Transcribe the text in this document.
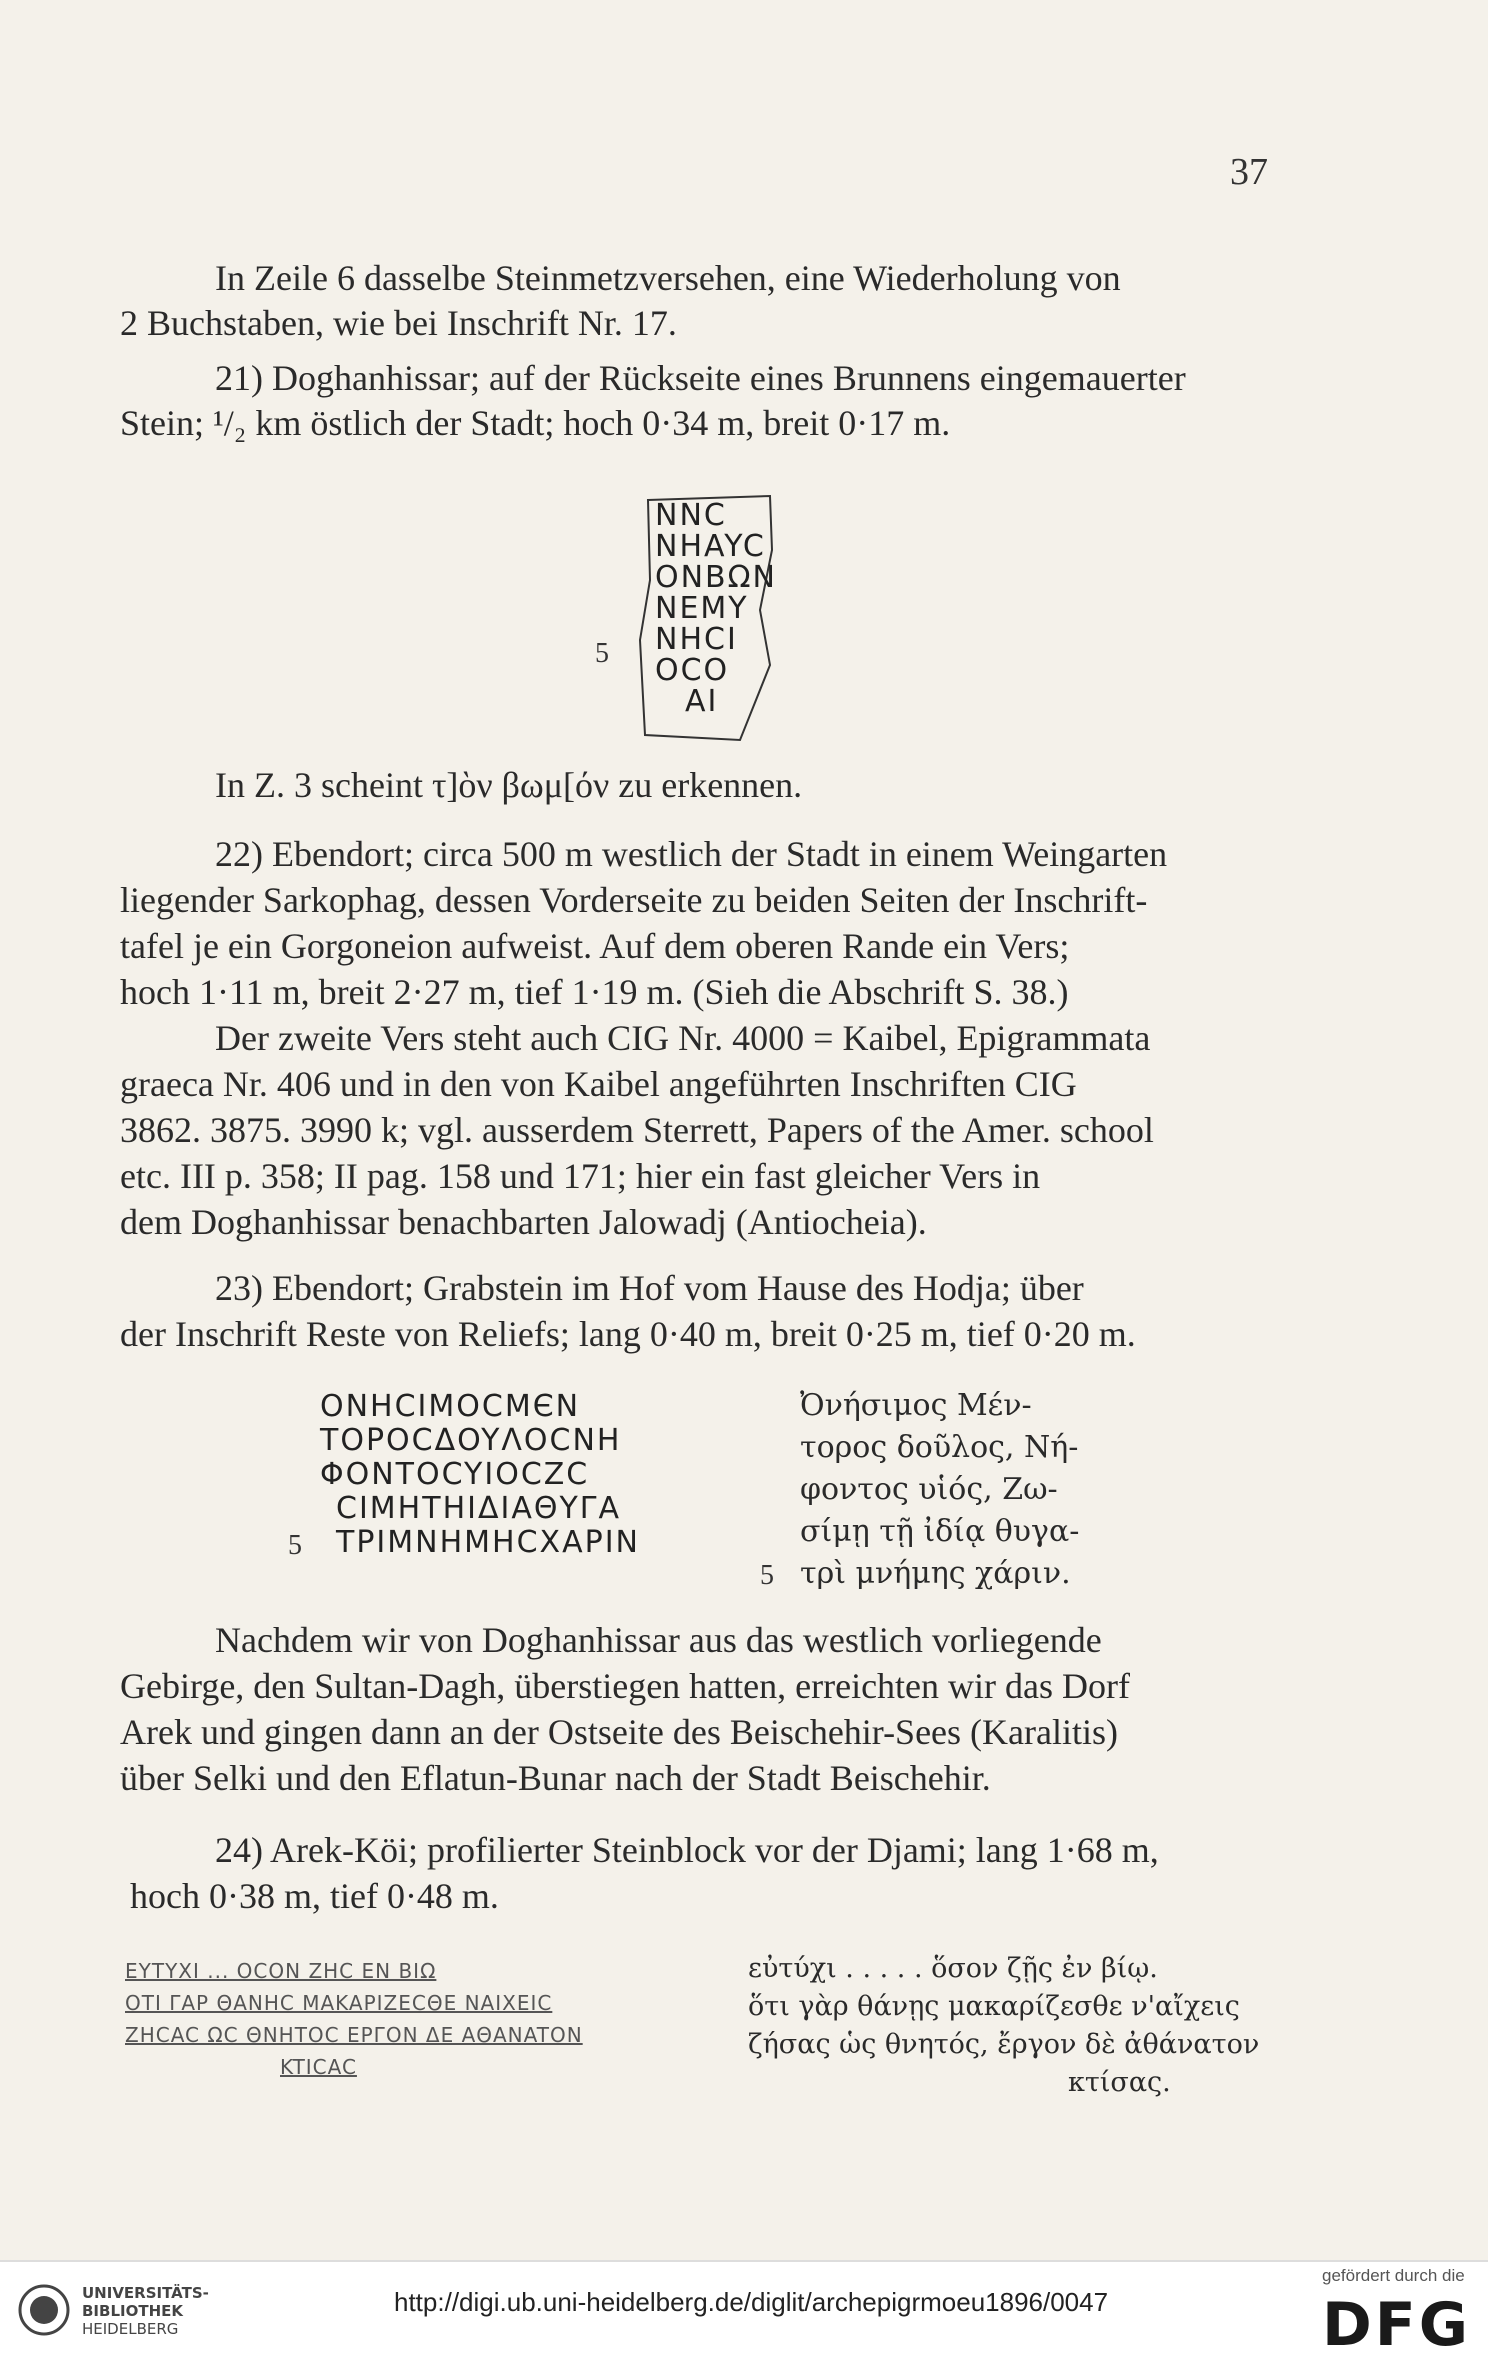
37
In Zeile 6 dasselbe Steinmetzversehen, eine Wiederholung von
2 Buchstaben, wie bei Inschrift Nr. 17.
21) Doghanhissar; auf der Rückseite eines Brunnens eingemauerter
Stein; ¹/₂ km östlich der Stadt; hoch 0·34 m, breit 0·17 m.
NNC
NHAYC
ONBΩN
NEMY
NHCI
OCO
AI
5
In Z. 3 scheint τ]ὸν βωμ[όν zu erkennen.
22) Ebendort; circa 500 m westlich der Stadt in einem Weingarten
liegender Sarkophag, dessen Vorderseite zu beiden Seiten der Inschrift-
tafel je ein Gorgoneion aufweist. Auf dem oberen Rande ein Vers;
hoch 1·11 m, breit 2·27 m, tief 1·19 m. (Sieh die Abschrift S. 38.)
Der zweite Vers steht auch CIG Nr. 4000 = Kaibel, Epigrammata
graeca Nr. 406 und in den von Kaibel angeführten Inschriften CIG
3862. 3875. 3990 k; vgl. ausserdem Sterrett, Papers of the Amer. school
etc. III p. 358; II pag. 158 und 171; hier ein fast gleicher Vers in
dem Doghanhissar benachbarten Jalowadj (Antiocheia).
23) Ebendort; Grabstein im Hof vom Hause des Hodja; über
der Inschrift Reste von Reliefs; lang 0·40 m, breit 0·25 m, tief 0·20 m.
ONHCIMOCMЄN
TOPOCΔOYΛOCNH
ΦONTOCYIOCZC
CIMHTHIΔIAΘYΓA
TPIMNHMHCXAPIN
5
Ὀνήσιμος Μέν-
τορος δοῦλος, Νή-
φοντος υἱός, Ζω-
σίμῃ τῇ ἰδίᾳ θυγα-
τρὶ μνήμης χάριν.
5
Nachdem wir von Doghanhissar aus das westlich vorliegende
Gebirge, den Sultan-Dagh, überstiegen hatten, erreichten wir das Dorf
Arek und gingen dann an der Ostseite des Beischehir-Sees (Karalitis)
über Selki und den Eflatun-Bunar nach der Stadt Beischehir.
24) Arek-Köi; profilierter Steinblock vor der Djami; lang 1·68 m,
hoch 0·38 m, tief 0·48 m.
EYTYXI ... OCON ZHC EN BIΩ
OTI ΓAP ΘANHC MAKAPIZECΘE NAIXEIC
ZHCAC ΩC ΘNHTOC EPΓON ΔE AΘANATON
KTICAC
εὐτύχι . . . . . ὅσον ζῇς ἐν βίῳ.
ὅτι γὰρ θάνῃς μακαρίζεσθε ν'αἴχεις
ζήσας ὡς θνητός, ἔργον δὲ ἀθάνατον
κτίσας.
UNIVERSITÄTS-
BIBLIOTHEK
HEIDELBERG
http://digi.ub.uni-heidelberg.de/diglit/archepigrmoeu1896/0047
gefördert durch die
DFG
